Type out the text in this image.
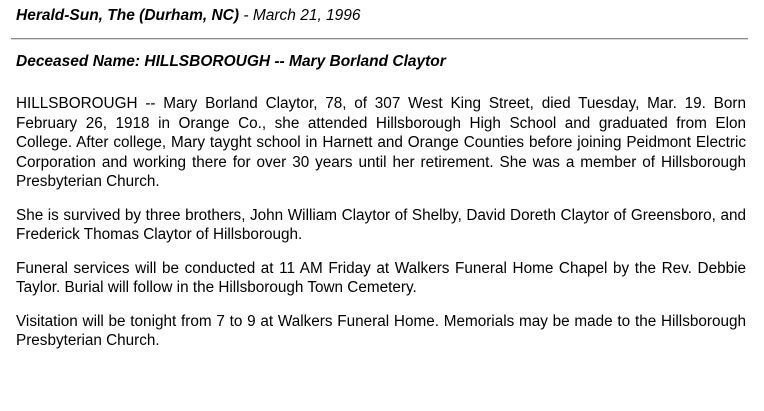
Herald-Sun, The (Durham, NC) - March 21, 1996
Deceased Name: HILLSBOROUGH -- Mary Borland Claytor

HILLSBOROUGH -- Mary Borland Claytor, 78, of 307 West King Street, died Tuesday, Mar. 19. Born February 26, 1918 in Orange Co., she attended Hillsborough High School and graduated from Elon College. After college, Mary tayght school in Harnett and Orange Counties before joining Peidmont Electric Corporation and working there for over 30 years until her retirement. She was a member of Hillsborough Presbyterian Church.

She is survived by three brothers, John William Claytor of Shelby, David Doreth Claytor of Greensboro, and Frederick Thomas Claytor of Hillsborough.

Funeral services will be conducted at 11 AM Friday at Walkers Funeral Home Chapel by the Rev. Debbie Taylor. Burial will follow in the Hillsborough Town Cemetery.

Visitation will be tonight from 7 to 9 at Walkers Funeral Home. Memorials may be made to the Hillsborough Presbyterian Church.
